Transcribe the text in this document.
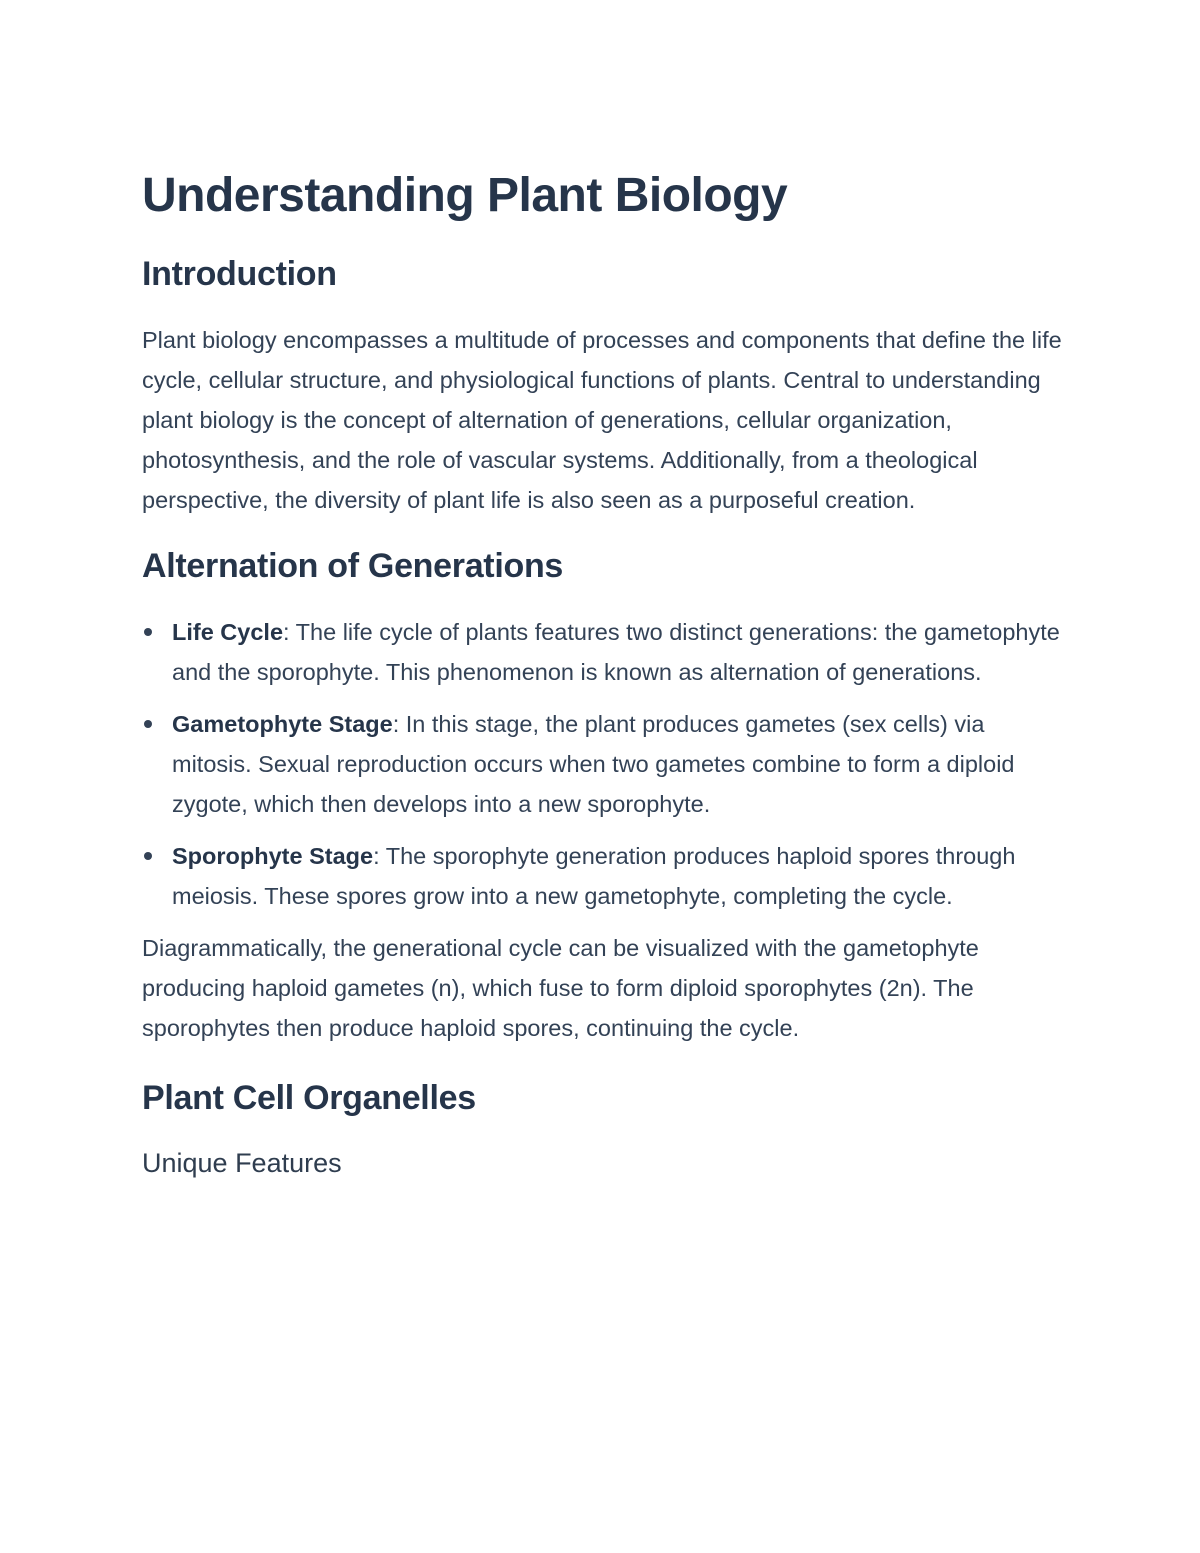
Understanding Plant Biology
Introduction

Plant biology encompasses a multitude of processes and components that define the life cycle, cellular structure, and physiological functions of plants. Central to understanding plant biology is the concept of alternation of generations, cellular organization, photosynthesis, and the role of vascular systems. Additionally, from a theological perspective, the diversity of plant life is also seen as a purposeful creation.

Alternation of Generations
Life Cycle: The life cycle of plants features two distinct generations: the gametophyte and the sporophyte. This phenomenon is known as alternation of generations.
Gametophyte Stage: In this stage, the plant produces gametes (sex cells) via mitosis. Sexual reproduction occurs when two gametes combine to form a diploid zygote, which then develops into a new sporophyte.
Sporophyte Stage: The sporophyte generation produces haploid spores through meiosis. These spores grow into a new gametophyte, completing the cycle.

Diagrammatically, the generational cycle can be visualized with the gametophyte producing haploid gametes (n), which fuse to form diploid sporophytes (2n). The sporophytes then produce haploid spores, continuing the cycle.

Plant Cell Organelles
Unique Features
